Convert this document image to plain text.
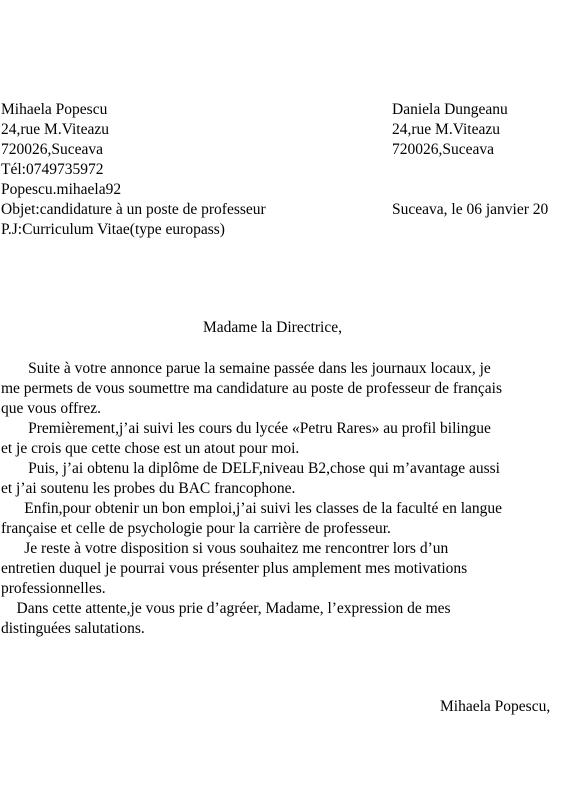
Mihaela Popescu
24,rue M.Viteazu
720026,Suceava
Tél:0749735972
Popescu.mihaela92
Objet:candidature à un poste de professeur
P.J:Curriculum Vitae(type europass)
Daniela Dungeanu
24,rue M.Viteazu
720026,Suceava
Suceava, le 06 janvier 20
Madame la Directrice,
Suite à votre annonce parue la semaine passée dans les journaux locaux, je
me permets de vous soumettre ma candidature au poste de professeur de français
que vous offrez.
Premièrement,j’ai suivi les cours du lycée «Petru Rares» au profil bilingue
et je crois que cette chose est un atout pour moi.
Puis, j’ai obtenu la diplôme de DELF,niveau B2,chose qui m’avantage aussi
et j’ai soutenu les probes du BAC francophone.
Enfin,pour obtenir un bon emploi,j’ai suivi les classes de la faculté en langue
française et celle de psychologie pour la carrière de professeur.
Je reste à votre disposition si vous souhaitez me rencontrer lors d’un
entretien duquel je pourrai vous présenter plus amplement mes motivations
professionnelles.
Dans cette attente,je vous prie d’agréer, Madame, l’expression de mes
distinguées salutations.
Mihaela Popescu,
